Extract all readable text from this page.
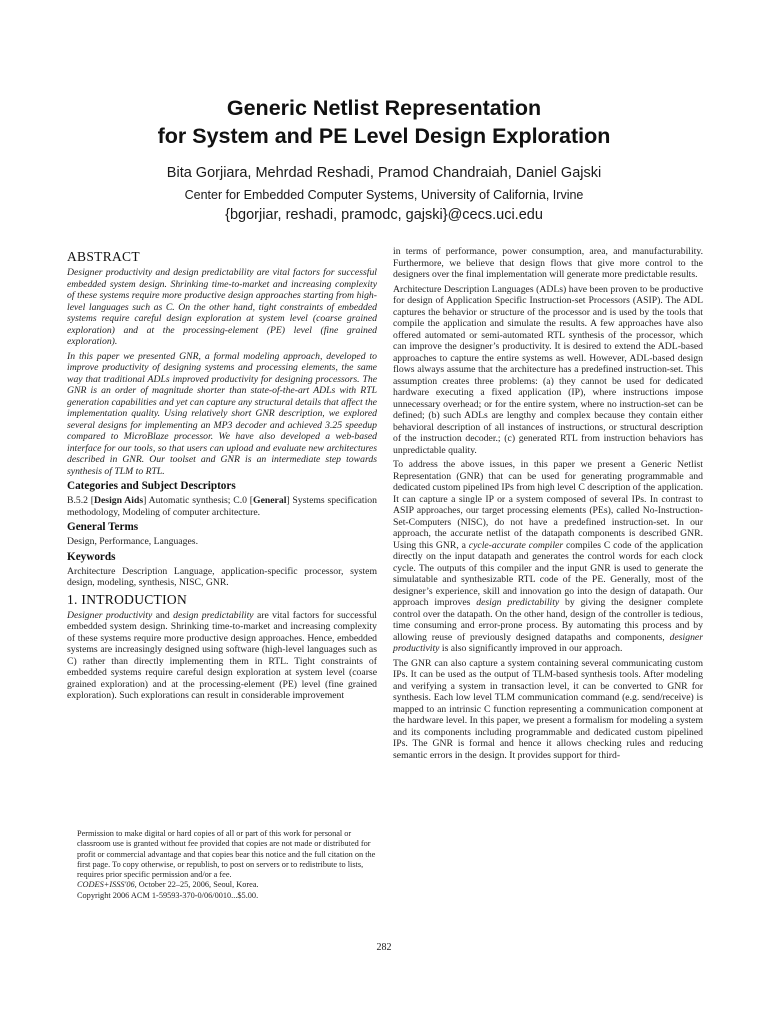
Generic Netlist Representation
for System and PE Level Design Exploration
Bita Gorjiara, Mehrdad Reshadi, Pramod Chandraiah, Daniel Gajski
Center for Embedded Computer Systems, University of California, Irvine
{bgorjiar, reshadi, pramodc, gajski}@cecs.uci.edu
ABSTRACT

Designer productivity and design predictability are vital factors for successful embedded system design. Shrinking time-to-market and increasing complexity of these systems require more productive design approaches starting from high-level languages such as C. On the other hand, tight constraints of embedded systems require careful design exploration at system level (coarse grained exploration) and at the processing-element (PE) level (fine grained exploration).

In this paper we presented GNR, a formal modeling approach, developed to improve productivity of designing systems and processing elements, the same way that traditional ADLs improved productivity for designing processors. The GNR is an order of magnitude shorter than state-of-the-art ADLs with RTL generation capabilities and yet can capture any structural details that affect the implementation quality. Using relatively short GNR description, we explored several designs for implementing an MP3 decoder and achieved 3.25 speedup compared to MicroBlaze processor. We have also developed a web-based interface for our tools, so that users can upload and evaluate new architectures described in GNR. Our toolset and GNR is an intermediate step towards synthesis of TLM to RTL.

Categories and Subject Descriptors

B.5.2 [Design Aids] Automatic synthesis; C.0 [General] Systems specification methodology, Modeling of computer architecture.

General Terms

Design, Performance, Languages.

Keywords

Architecture Description Language, application-specific processor, system design, modeling, synthesis, NISC, GNR.

1. INTRODUCTION

Designer productivity and design predictability are vital factors for successful embedded system design. Shrinking time-to-market and increasing complexity of these systems require more productive design approaches. Hence, embedded systems are increasingly designed using software (high-level languages such as C) rather than directly implementing them in RTL. Tight constraints of embedded systems require careful design exploration at system level (coarse grained exploration) and at the processing-element (PE) level (fine grained exploration). Such explorations can result in considerable improvement

Permission to make digital or hard copies of all or part of this work for personal or classroom use is granted without fee provided that copies are not made or distributed for profit or commercial advantage and that copies bear this notice and the full citation on the first page. To copy otherwise, or republish, to post on servers or to redistribute to lists, requires prior specific permission and/or a fee.

CODES+ISSS'06, October 22–25, 2006, Seoul, Korea.

Copyright 2006 ACM 1-59593-370-0/06/0010...$5.00.

in terms of performance, power consumption, area, and manufacturability. Furthermore, we believe that design flows that give more control to the designers over the final implementation will generate more predictable results.

Architecture Description Languages (ADLs) have been proven to be productive for design of Application Specific Instruction-set Processors (ASIP). The ADL captures the behavior or structure of the processor and is used by the tools that compile the application and simulate the results. A few approaches have also offered automated or semi-automated RTL synthesis of the processor, which can improve the designer’s productivity. It is desired to extend the ADL-based approaches to capture the entire systems as well. However, ADL-based design flows always assume that the architecture has a predefined instruction-set. This assumption creates three problems: (a) they cannot be used for dedicated hardware executing a fixed application (IP), where instructions impose unnecessary overhead; or for the entire system, where no instruction-set can be defined; (b) such ADLs are lengthy and complex because they contain either behavioral description of all instances of instructions, or structural description of the instruction decoder.; (c) generated RTL from instruction behaviors has unpredictable quality.

To address the above issues, in this paper we present a Generic Netlist Representation (GNR) that can be used for generating programmable and dedicated custom pipelined IPs from high level C description of the application. It can capture a single IP or a system composed of several IPs. In contrast to ASIP approaches, our target processing elements (PEs), called No-Instruction-Set-Computers (NISC), do not have a predefined instruction-set. In our approach, the accurate netlist of the datapath components is described GNR. Using this GNR, a cycle-accurate compiler compiles C code of the application directly on the input datapath and generates the control words for each clock cycle. The outputs of this compiler and the input GNR is used to generate the simulatable and synthesizable RTL code of the PE. Generally, most of the designer’s experience, skill and innovation go into the design of datapath. Our approach improves design predictability by giving the designer complete control over the datapath. On the other hand, design of the controller is tedious, time consuming and error-prone process. By automating this process and by allowing reuse of previously designed datapaths and components, designer productivity is also significantly improved in our approach.

The GNR can also capture a system containing several communicating custom IPs. It can be used as the output of TLM-based synthesis tools. After modeling and verifying a system in transaction level, it can be converted to GNR for synthesis. Each low level TLM communication command (e.g. send/receive) is mapped to an intrinsic C function representing a communication component at the hardware level. In this paper, we present a formalism for modeling a system and its components including programmable and dedicated custom pipelined IPs. The GNR is formal and hence it allows checking rules and reducing semantic errors in the design. It provides support for third-

282
